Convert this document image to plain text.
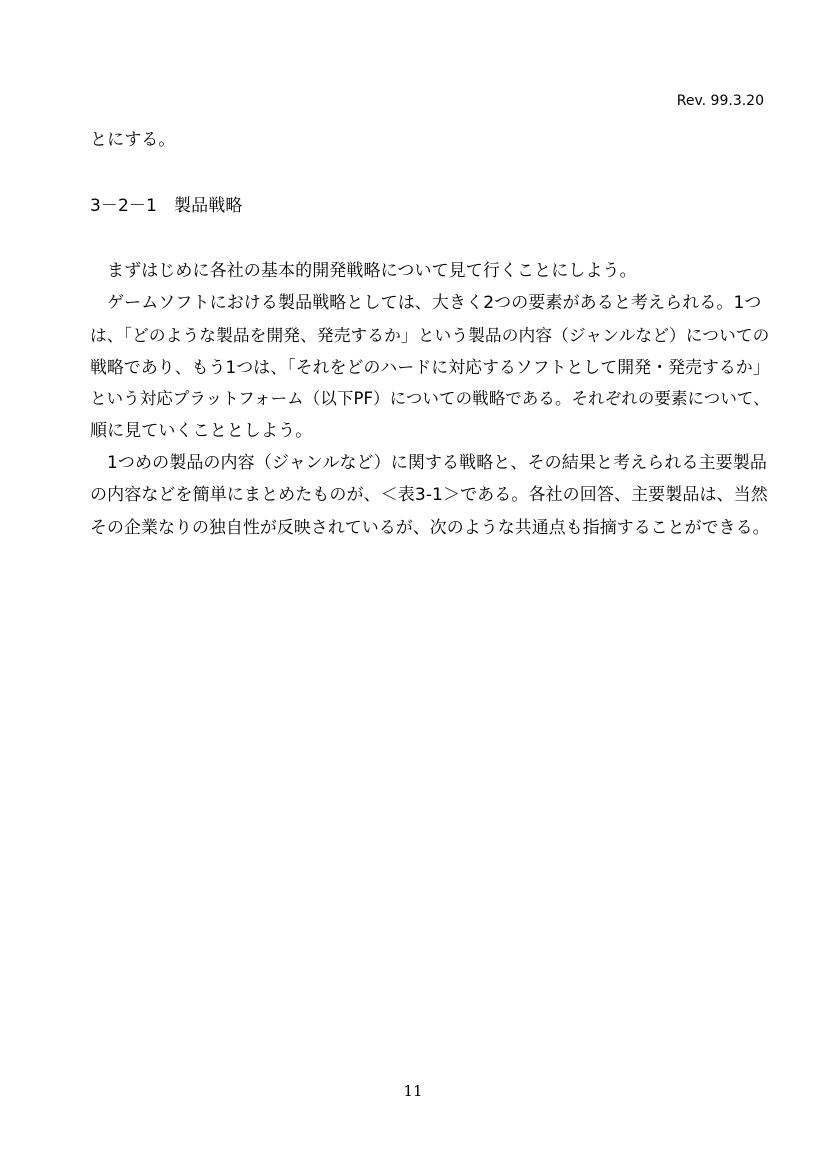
Rev. 99.3.20
とにする。
3－2－1　製品戦略
まずはじめに各社の基本的開発戦略について見て行くことにしよう。
ゲームソフトにおける製品戦略としては、大きく2つの要素があると考えられる。1つ
は、「どのような製品を開発、発売するか」という製品の内容（ジャンルなど）についての
戦略であり、もう1つは、「それをどのハードに対応するソフトとして開発・発売するか」
という対応プラットフォーム（以下PF）についての戦略である。それぞれの要素について、
順に見ていくこととしよう。
1つめの製品の内容（ジャンルなど）に関する戦略と、その結果と考えられる主要製品
の内容などを簡単にまとめたものが、＜表3-1＞である。各社の回答、主要製品は、当然
その企業なりの独自性が反映されているが、次のような共通点も指摘することができる。
11
